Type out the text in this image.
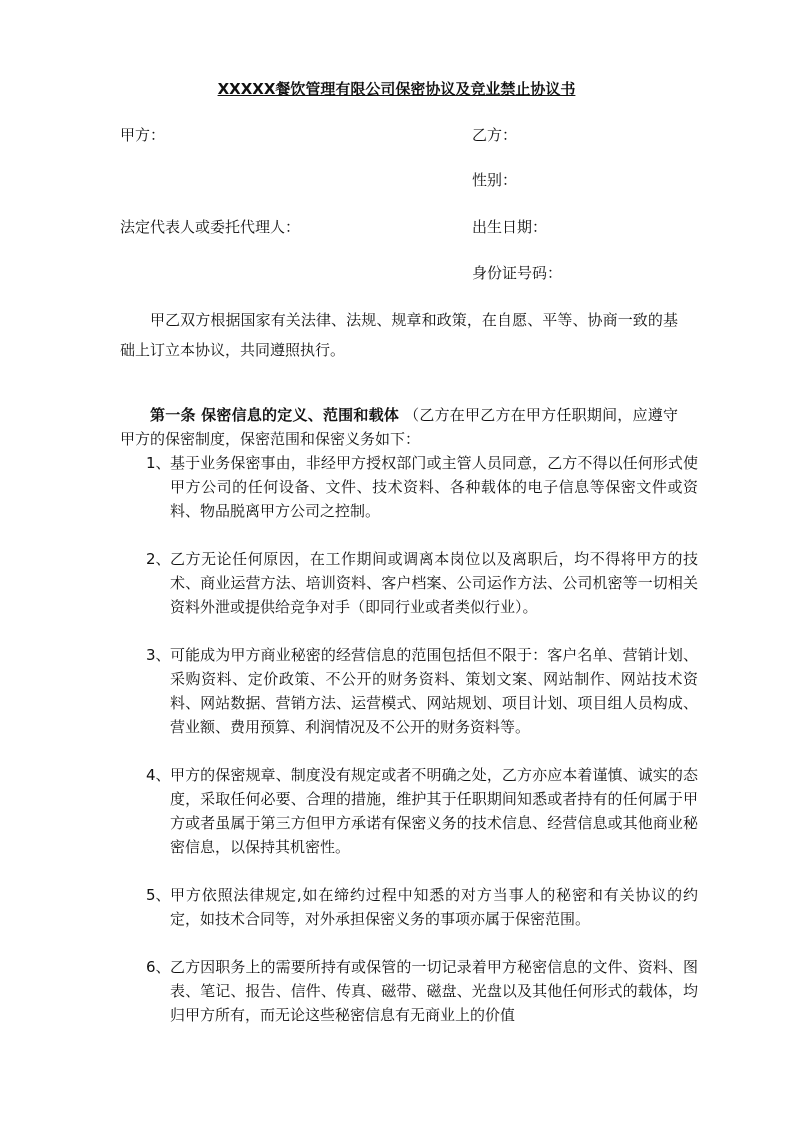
XXXXX餐饮管理有限公司保密协议及竞业禁止协议书
甲方：	乙方：
性别：
法定代表人或委托代理人：	出生日期：
身份证号码：
甲乙双方根据国家有关法律、法规、规章和政策，在自愿、平等、协商一致的基础上订立本协议，共同遵照执行。
第一条 保密信息的定义、范围和载体 （乙方在甲乙方在甲方任职期间，应遵守甲方的保密制度，保密范围和保密义务如下：
1、 基于业务保密事由，非经甲方授权部门或主管人员同意，乙方不得以任何形式使甲方公司的任何设备、文件、技术资料、各种载体的电子信息等保密文件或资料、物品脱离甲方公司之控制。
2、 乙方无论任何原因，在工作期间或调离本岗位以及离职后，均不得将甲方的技术、商业运营方法、培训资料、客户档案、公司运作方法、公司机密等一切相关资料外泄或提供给竞争对手（即同行业或者类似行业）。
3、 可能成为甲方商业秘密的经营信息的范围包括但不限于：客户名单、营销计划、采购资料、定价政策、不公开的财务资料、策划文案、网站制作、网站技术资料、网站数据、营销方法、运营模式、网站规划、项目计划、项目组人员构成、营业额、费用预算、利润情况及不公开的财务资料等。
4、 甲方的保密规章、制度没有规定或者不明确之处，乙方亦应本着谨慎、诚实的态度，采取任何必要、合理的措施，维护其于任职期间知悉或者持有的任何属于甲方或者虽属于第三方但甲方承诺有保密义务的技术信息、经营信息或其他商业秘密信息，以保持其机密性。
5、 甲方依照法律规定,如在缔约过程中知悉的对方当事人的秘密和有关协议的约定，如技术合同等，对外承担保密义务的事项亦属于保密范围。
6、 乙方因职务上的需要所持有或保管的一切记录着甲方秘密信息的文件、资料、图表、笔记、报告、信件、传真、磁带、磁盘、光盘以及其他任何形式的载体，均归甲方所有，而无论这些秘密信息有无商业上的价值
